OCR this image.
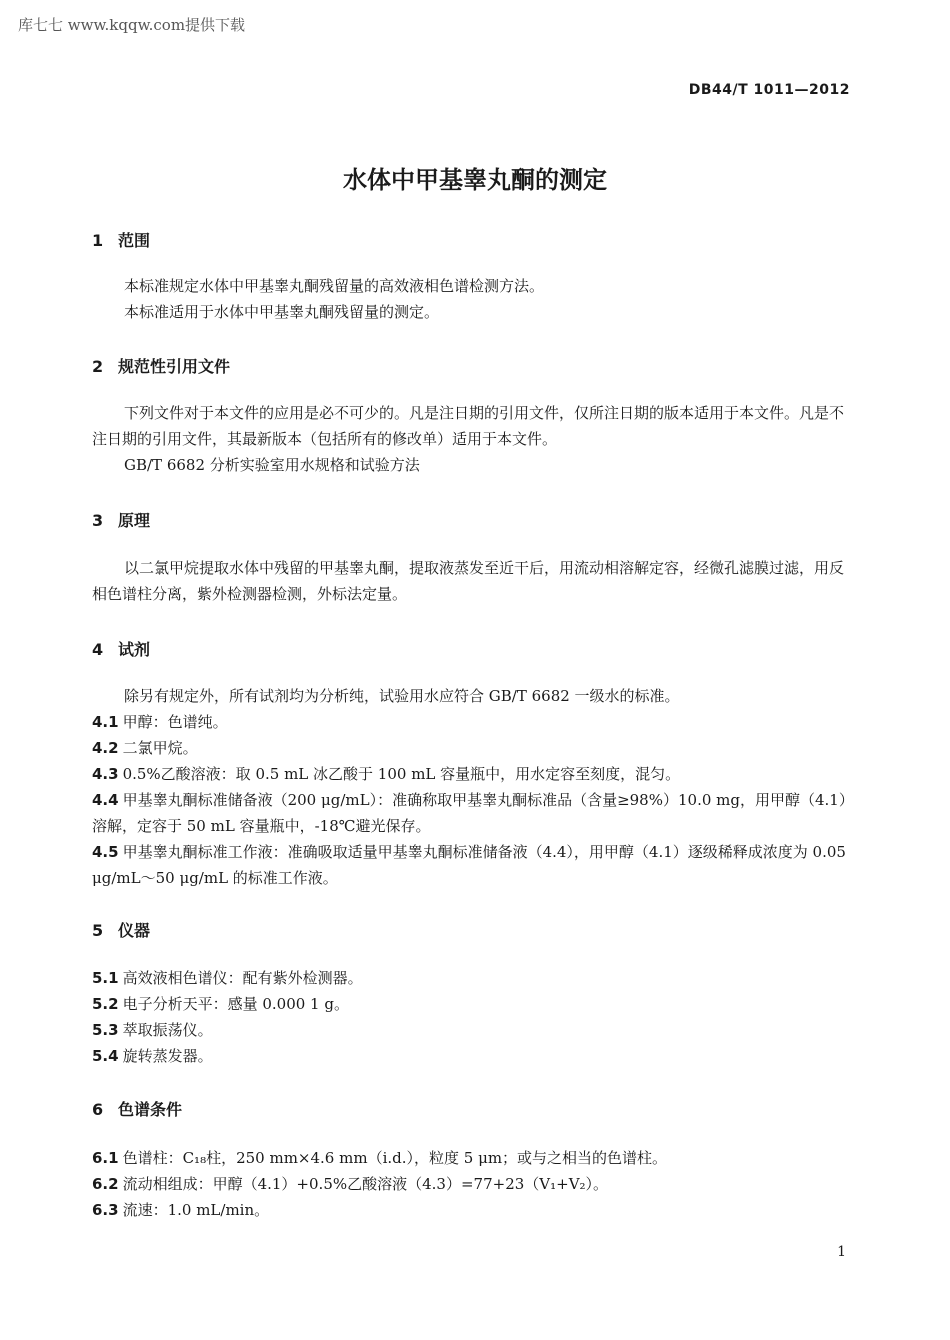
库七七 www.kqqw.com提供下载
DB44/T 1011—2012
水体中甲基睾丸酮的测定
1 范围
本标准规定水体中甲基睾丸酮残留量的高效液相色谱检测方法。
本标准适用于水体中甲基睾丸酮残留量的测定。
2 规范性引用文件
下列文件对于本文件的应用是必不可少的。凡是注日期的引用文件，仅所注日期的版本适用于本文件。凡是不注日期的引用文件，其最新版本（包括所有的修改单）适用于本文件。
GB/T 6682 分析实验室用水规格和试验方法
3 原理
以二氯甲烷提取水体中残留的甲基睾丸酮，提取液蒸发至近干后，用流动相溶解定容，经微孔滤膜过滤，用反相色谱柱分离，紫外检测器检测，外标法定量。
4 试剂
除另有规定外，所有试剂均为分析纯，试验用水应符合 GB/T 6682 一级水的标准。
4.1 甲醇：色谱纯。
4.2 二氯甲烷。
4.3 0.5%乙酸溶液：取 0.5 mL 冰乙酸于 100 mL 容量瓶中，用水定容至刻度，混匀。
4.4 甲基睾丸酮标准储备液（200 μg/mL）：准确称取甲基睾丸酮标准品（含量≥98%）10.0 mg，用甲醇（4.1）溶解，定容于 50 mL 容量瓶中，-18℃避光保存。
4.5 甲基睾丸酮标准工作液：准确吸取适量甲基睾丸酮标准储备液（4.4），用甲醇（4.1）逐级稀释成浓度为 0.05 μg/mL～50 μg/mL 的标准工作液。
5 仪器
5.1 高效液相色谱仪：配有紫外检测器。
5.2 电子分析天平：感量 0.000 1 g。
5.3 萃取振荡仪。
5.4 旋转蒸发器。
6 色谱条件
6.1 色谱柱：C₁₈柱，250 mm×4.6 mm（i.d.），粒度 5 μm；或与之相当的色谱柱。
6.2 流动相组成：甲醇（4.1）+0.5%乙酸溶液（4.3）=77+23（V₁+V₂）。
6.3 流速：1.0 mL/min。
1
